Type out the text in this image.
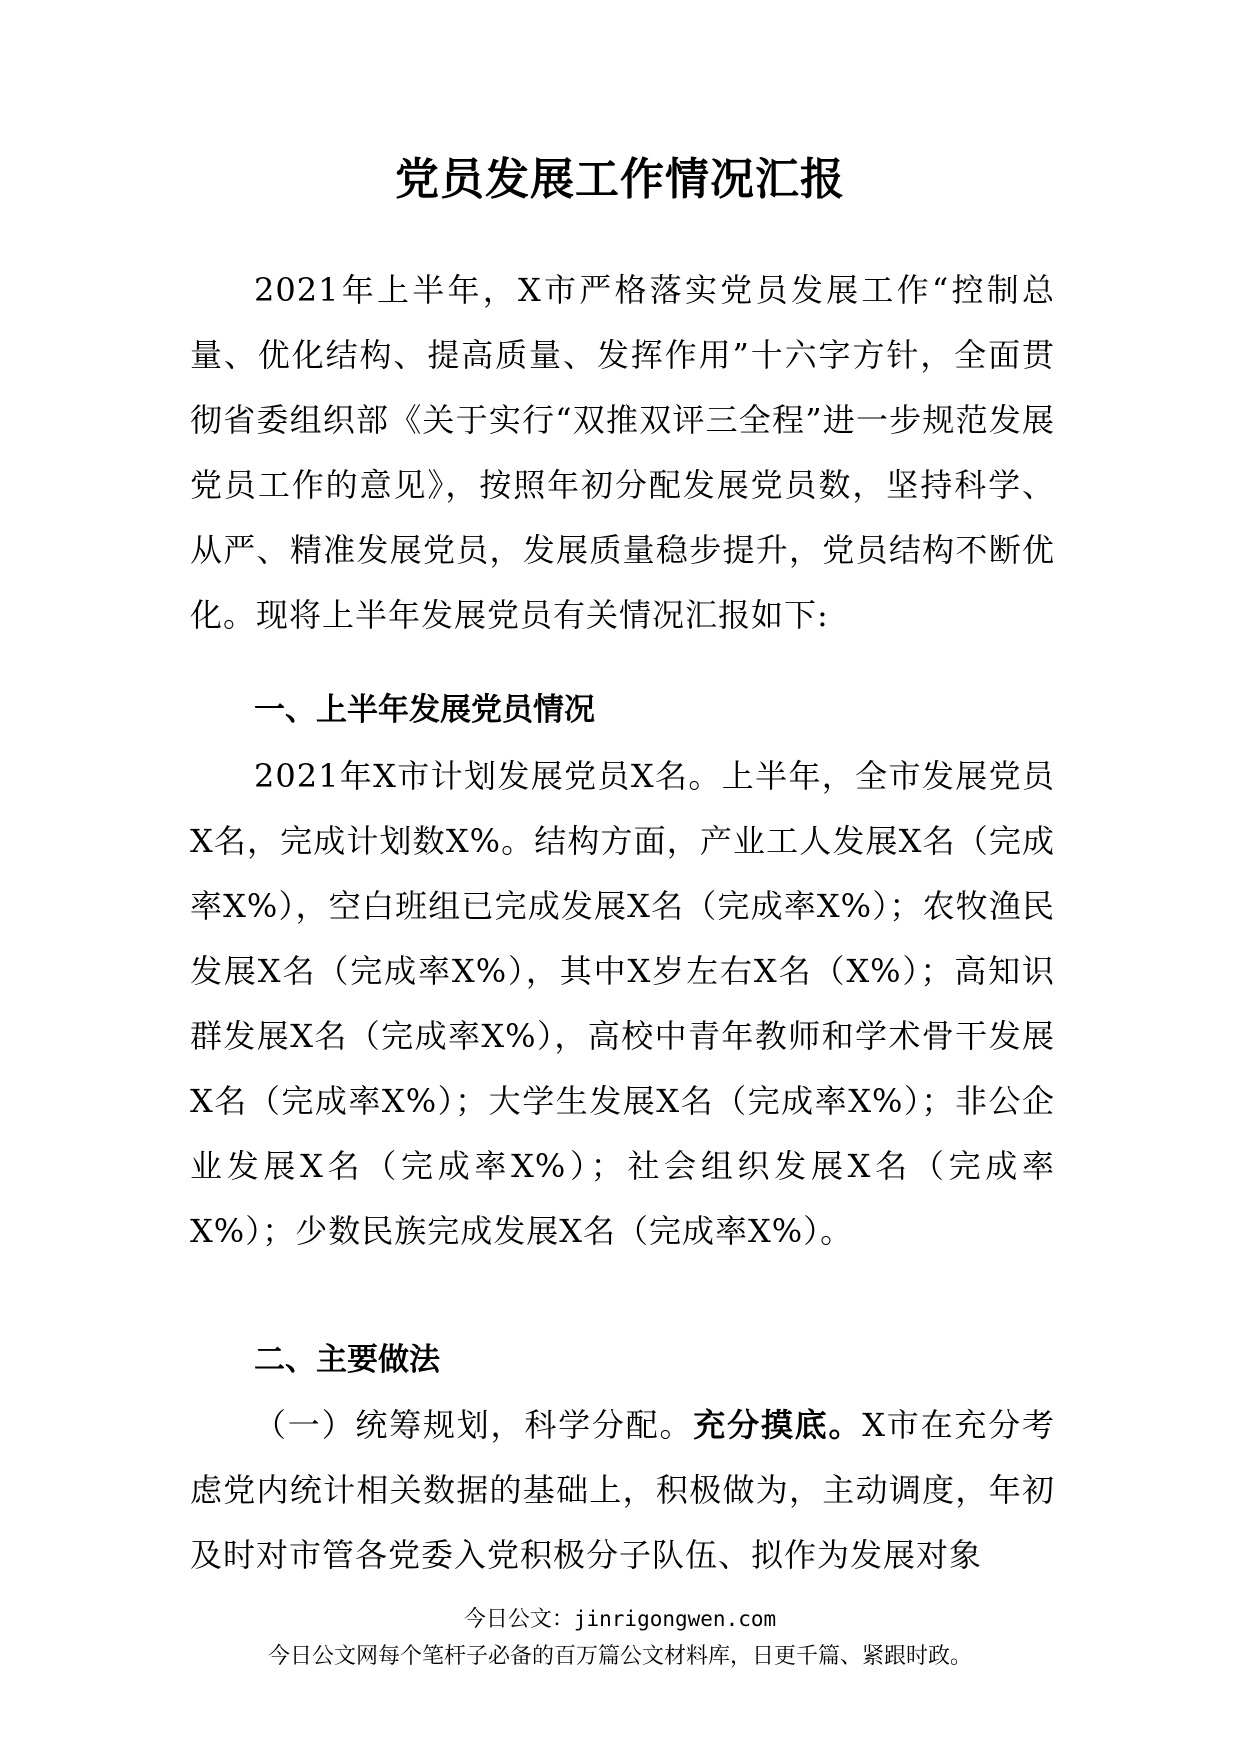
党员发展工作情况汇报

2021年上半年，X市严格落实党员发展工作“控制总量、优化结构、提高质量、发挥作用”十六字方针，全面贯彻省委组织部《关于实行“双推双评三全程”进一步规范发展党员工作的意见》，按照年初分配发展党员数，坚持科学、从严、精准发展党员，发展质量稳步提升，党员结构不断优化。现将上半年发展党员有关情况汇报如下:

一、上半年发展党员情况

2021年X市计划发展党员X名。上半年，全市发展党员X名，完成计划数X%。结构方面，产业工人发展X名（完成率X%），空白班组已完成发展X名（完成率X%）；农牧渔民发展X名（完成率X%），其中X岁左右X名（X%）；高知识群发展X名（完成率X%），高校中青年教师和学术骨干发展X名（完成率X%）；大学生发展X名（完成率X%）；非公企业发展X名（完成率X%）；社会组织发展X名（完成率X%）；少数民族完成发展X名（完成率X%）。

二、主要做法

（一）统筹规划，科学分配。充分摸底。X市在充分考虑党内统计相关数据的基础上，积极做为，主动调度，年初及时对市管各党委入党积极分子队伍、拟作为发展对象

今日公文：jinrigongwen.com
今日公文网每个笔杆子必备的百万篇公文材料库，日更千篇、紧跟时政。
